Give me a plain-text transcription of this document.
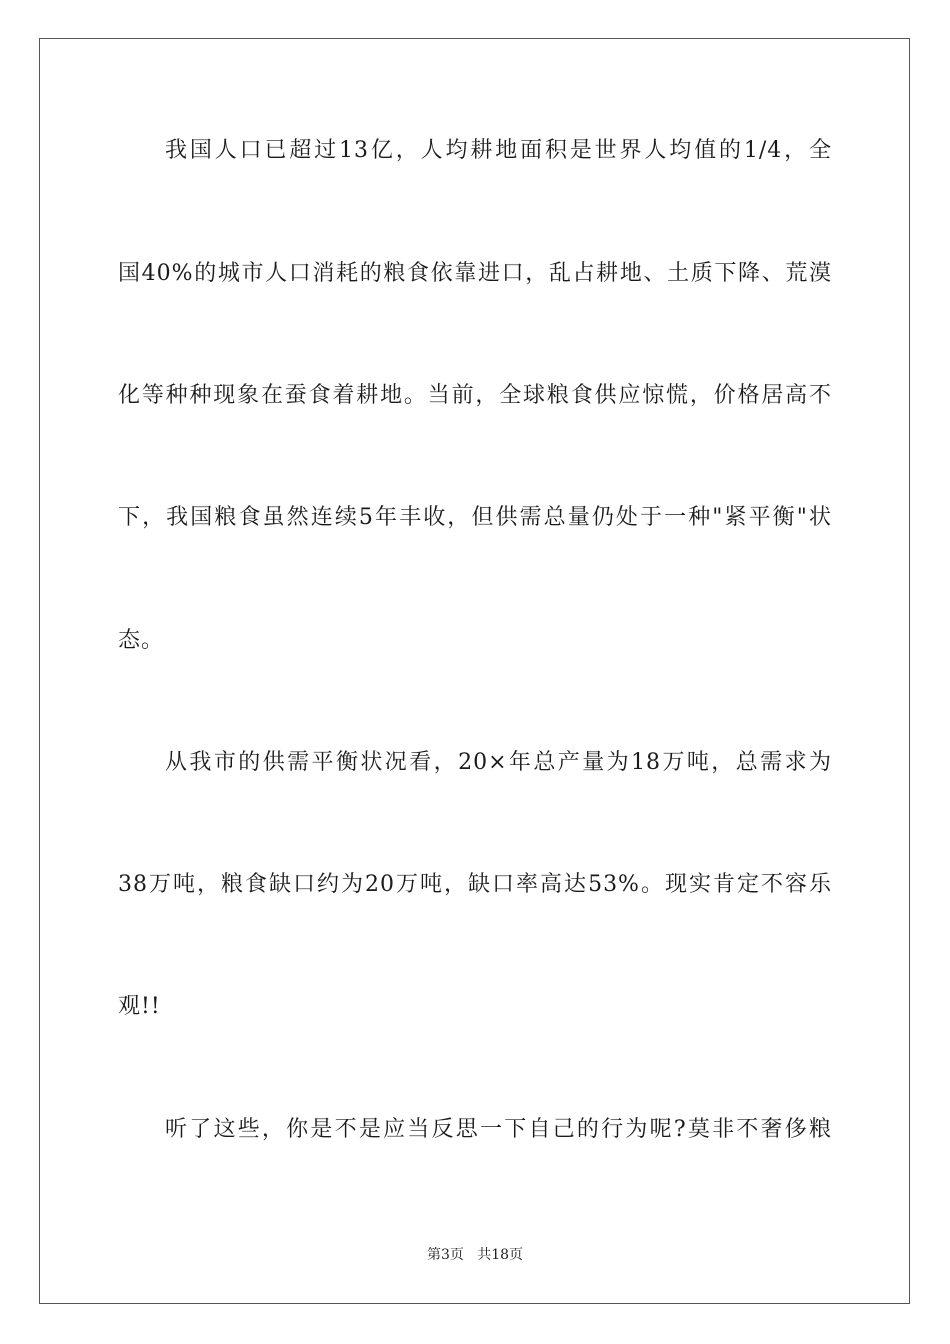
我国人口已超过13亿，人均耕地面积是世界人均值的1/4，全
国40%的城市人口消耗的粮食依靠进口，乱占耕地、土质下降、荒漠
化等种种现象在蚕食着耕地。当前，全球粮食供应惊慌，价格居高不
下，我国粮食虽然连续5年丰收，但供需总量仍处于一种"紧平衡"状
态。
从我市的供需平衡状况看，20×年总产量为18万吨，总需求为
38万吨，粮食缺口约为20万吨，缺口率高达53%。现实肯定不容乐
观!!
听了这些，你是不是应当反思一下自己的行为呢?莫非不奢侈粮
第3页   共18页
